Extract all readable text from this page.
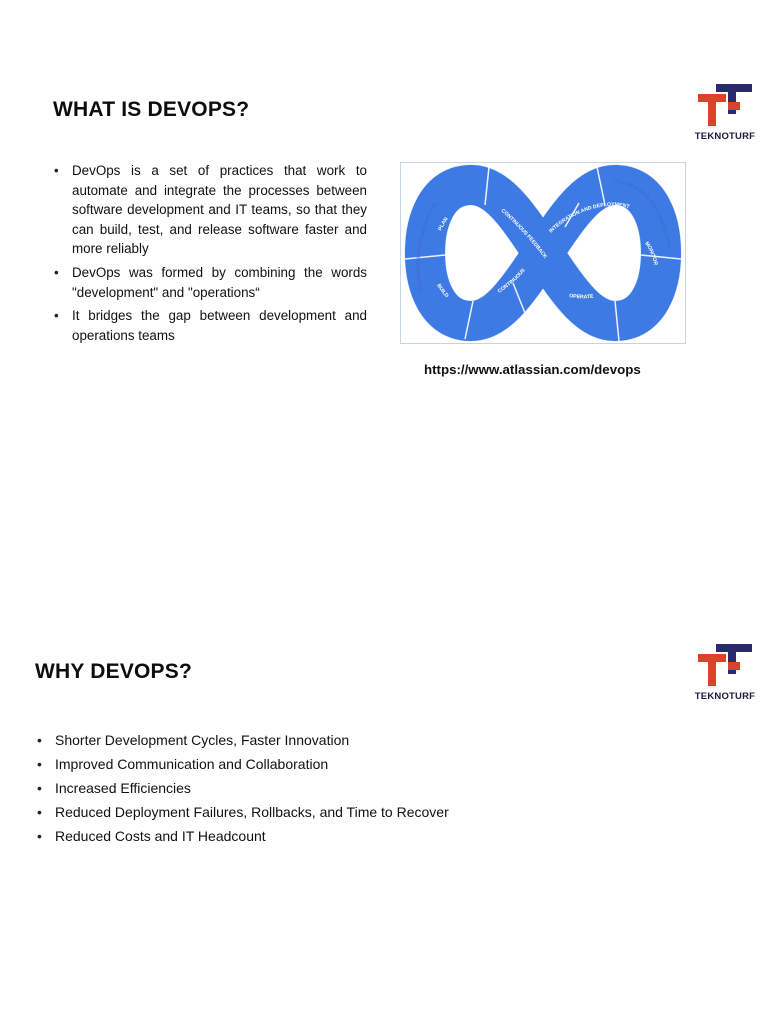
WHAT IS DEVOPS?
TEKNOTURF
• DevOps is a set of practices that work to automate and integrate the processes between software development and IT teams, so that they can build, test, and release software faster and more reliably
• DevOps was formed by combining the words "development" and "operations“
• It bridges the gap between development and operations teams
PLAN
BUILD
CONTINUOUS
CONTINUOUS FEEDBACK
INTEGRATION AND DEPLOYMENT
OPERATE
MONITOR
COLLABORATION AND COMMUNICATION
COLLABORATION AND COMMUNICATION
https://www.atlassian.com/devops
WHY DEVOPS?
TEKNOTURF
• Shorter Development Cycles, Faster Innovation
• Improved Communication and Collaboration
• Increased Efficiencies
• Reduced Deployment Failures, Rollbacks, and Time to Recover
• Reduced Costs and IT Headcount
